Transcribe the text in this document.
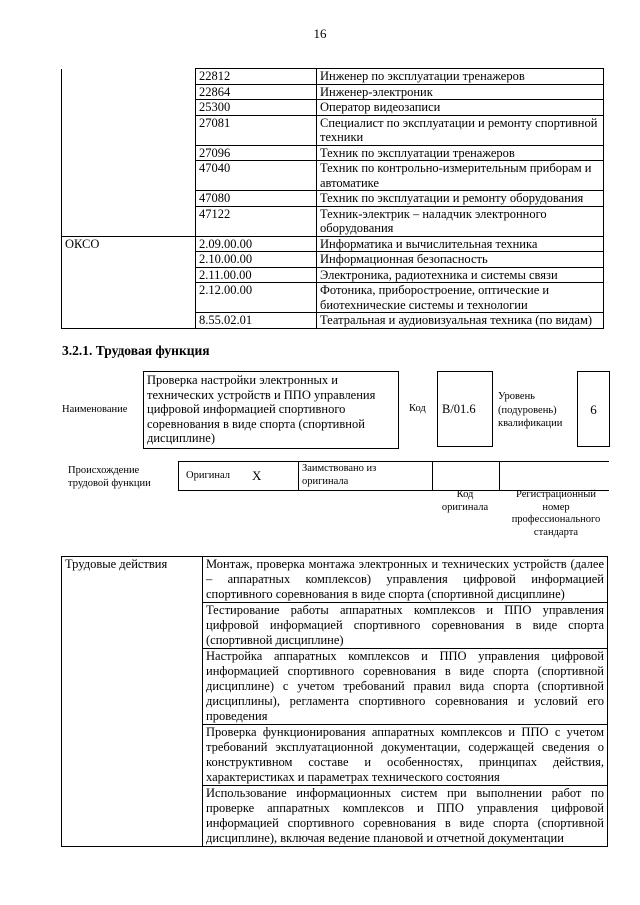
16
	22812	Инженер по эксплуатации тренажеров
	22864	Инженер-электроник
	25300	Оператор видеозаписи
	27081	Специалист по эксплуатации и ремонту спортивной техники
	27096	Техник по эксплуатации тренажеров
	47040	Техник по контрольно-измерительным приборам и автоматике
	47080	Техник по эксплуатации и ремонту оборудования
	47122	Техник-электрик – наладчик электронного оборудования
ОКСО	2.09.00.00	Информатика и вычислительная техника
	2.10.00.00	Информационная безопасность
	2.11.00.00	Электроника, радиотехника и системы связи
	2.12.00.00	Фотоника, приборостроение, оптические и биотехнические системы и технологии
	8.55.02.01	Театральная и аудиовизуальная техника (по видам)
3.2.1. Трудовая функция
Наименование
Проверка настройки электронных и технических устройств и ППО управления цифровой информацией спортивного соревнования в виде спорта (спортивной дисциплине)
Код	B/01.6
Уровень (подуровень) квалификации
6
Происхождение трудовой функции
Оригинал X	Заимствовано из оригинала
Код оригинала
Регистрационный номер профессионального стандарта
Трудовые действия	Монтаж, проверка монтажа электронных и технических устройств (далее – аппаратных комплексов) управления цифровой информацией спортивного соревнования в виде спорта (спортивной дисциплине)
	Тестирование работы аппаратных комплексов и ППО управления цифровой информацией спортивного соревнования в виде спорта (спортивной дисциплине)
	Настройка аппаратных комплексов и ППО управления цифровой информацией спортивного соревнования в виде спорта (спортивной дисциплине) с учетом требований правил вида спорта (спортивной дисциплины), регламента спортивного соревнования и условий его проведения
	Проверка функционирования аппаратных комплексов и ППО с учетом требований эксплуатационной документации, содержащей сведения о конструктивном составе и особенностях, принципах действия, характеристиках и параметрах технического состояния
	Использование информационных систем при выполнении работ по проверке аппаратных комплексов и ППО управления цифровой информацией спортивного соревнования в виде спорта (спортивной дисциплине), включая ведение плановой и отчетной документации
